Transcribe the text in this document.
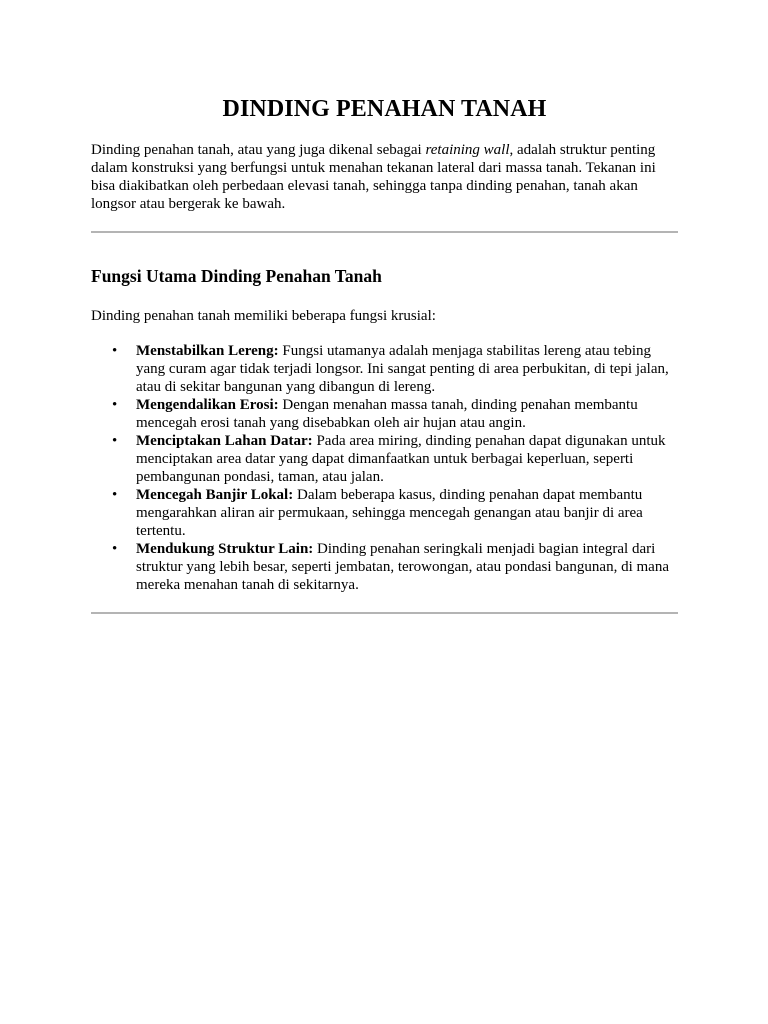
DINDING PENAHAN TANAH

Dinding penahan tanah, atau yang juga dikenal sebagai retaining wall, adalah struktur penting dalam konstruksi yang berfungsi untuk menahan tekanan lateral dari massa tanah. Tekanan ini bisa diakibatkan oleh perbedaan elevasi tanah, sehingga tanpa dinding penahan, tanah akan longsor atau bergerak ke bawah.

Fungsi Utama Dinding Penahan Tanah

Dinding penahan tanah memiliki beberapa fungsi krusial:

• Menstabilkan Lereng: Fungsi utamanya adalah menjaga stabilitas lereng atau tebing yang curam agar tidak terjadi longsor. Ini sangat penting di area perbukitan, di tepi jalan, atau di sekitar bangunan yang dibangun di lereng.
• Mengendalikan Erosi: Dengan menahan massa tanah, dinding penahan membantu mencegah erosi tanah yang disebabkan oleh air hujan atau angin.
• Menciptakan Lahan Datar: Pada area miring, dinding penahan dapat digunakan untuk menciptakan area datar yang dapat dimanfaatkan untuk berbagai keperluan, seperti pembangunan pondasi, taman, atau jalan.
• Mencegah Banjir Lokal: Dalam beberapa kasus, dinding penahan dapat membantu mengarahkan aliran air permukaan, sehingga mencegah genangan atau banjir di area tertentu.
• Mendukung Struktur Lain: Dinding penahan seringkali menjadi bagian integral dari struktur yang lebih besar, seperti jembatan, terowongan, atau pondasi bangunan, di mana mereka menahan tanah di sekitarnya.
